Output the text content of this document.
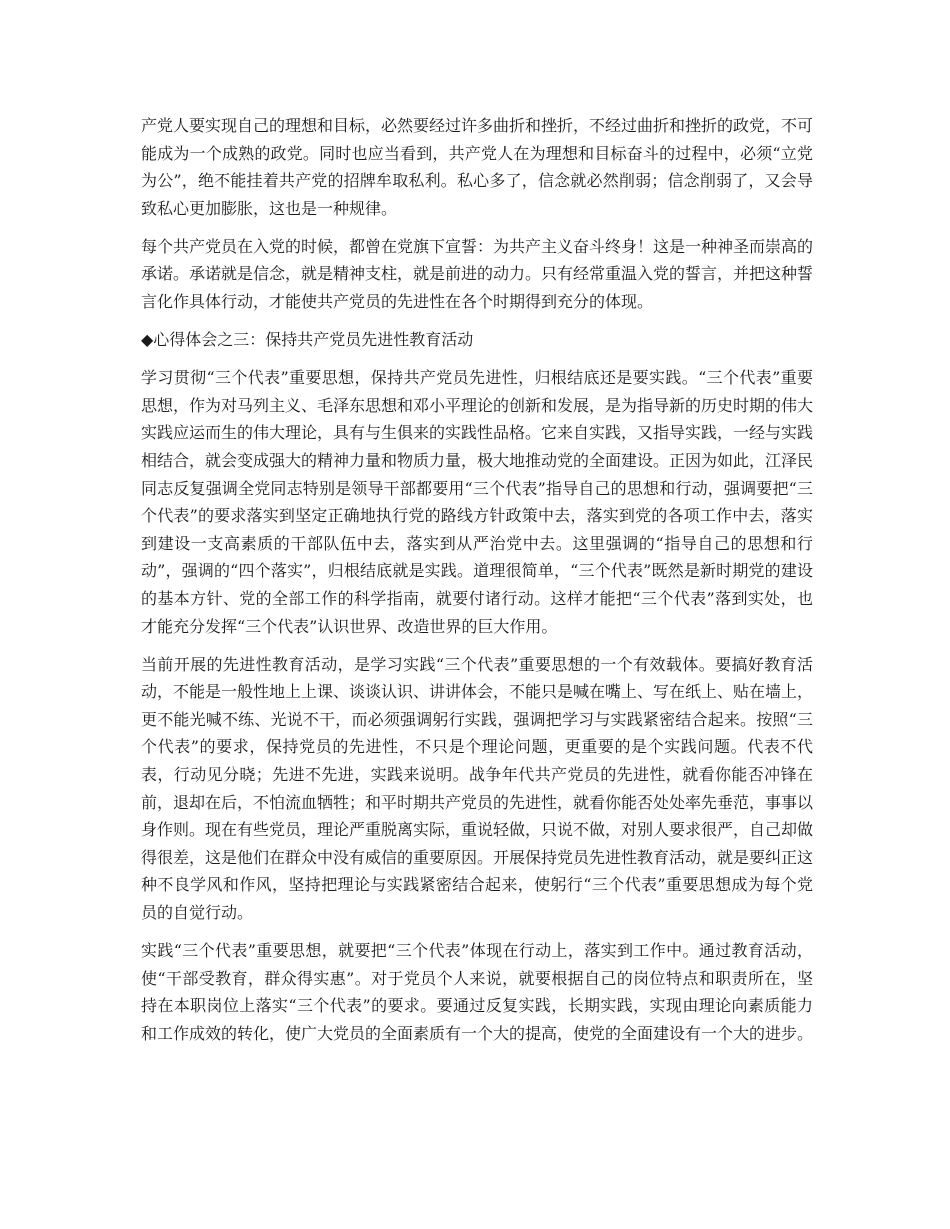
产党人要实现自己的理想和目标，必然要经过许多曲折和挫折，不经过曲折和挫折的政党，不可能成为一个成熟的政党。同时也应当看到，共产党人在为理想和目标奋斗的过程中，必须“立党为公”，绝不能挂着共产党的招牌牟取私利。私心多了，信念就必然削弱；信念削弱了，又会导致私心更加膨胀，这也是一种规律。

每个共产党员在入党的时候，都曾在党旗下宣誓：为共产主义奋斗终身！这是一种神圣而崇高的承诺。承诺就是信念，就是精神支柱，就是前进的动力。只有经常重温入党的誓言，并把这种誓言化作具体行动，才能使共产党员的先进性在各个时期得到充分的体现。

◆心得体会之三：保持共产党员先进性教育活动

学习贯彻“三个代表”重要思想，保持共产党员先进性，归根结底还是要实践。“三个代表”重要思想，作为对马列主义、毛泽东思想和邓小平理论的创新和发展，是为指导新的历史时期的伟大实践应运而生的伟大理论，具有与生俱来的实践性品格。它来自实践，又指导实践，一经与实践相结合，就会变成强大的精神力量和物质力量，极大地推动党的全面建设。正因为如此，江泽民同志反复强调全党同志特别是领导干部都要用“三个代表”指导自己的思想和行动，强调要把“三个代表”的要求落实到坚定正确地执行党的路线方针政策中去，落实到党的各项工作中去，落实到建设一支高素质的干部队伍中去，落实到从严治党中去。这里强调的“指导自己的思想和行动”，强调的“四个落实”，归根结底就是实践。道理很简单，“三个代表”既然是新时期党的建设的基本方针、党的全部工作的科学指南，就要付诸行动。这样才能把“三个代表”落到实处，也才能充分发挥“三个代表”认识世界、改造世界的巨大作用。

当前开展的先进性教育活动，是学习实践“三个代表”重要思想的一个有效载体。要搞好教育活动，不能是一般性地上上课、谈谈认识、讲讲体会，不能只是喊在嘴上、写在纸上、贴在墙上，更不能光喊不练、光说不干，而必须强调躬行实践，强调把学习与实践紧密结合起来。按照“三个代表”的要求，保持党员的先进性，不只是个理论问题，更重要的是个实践问题。代表不代表，行动见分晓；先进不先进，实践来说明。战争年代共产党员的先进性，就看你能否冲锋在前，退却在后，不怕流血牺牲；和平时期共产党员的先进性，就看你能否处处率先垂范，事事以身作则。现在有些党员，理论严重脱离实际，重说轻做，只说不做，对别人要求很严，自己却做得很差，这是他们在群众中没有威信的重要原因。开展保持党员先进性教育活动，就是要纠正这种不良学风和作风，坚持把理论与实践紧密结合起来，使躬行“三个代表”重要思想成为每个党员的自觉行动。

实践“三个代表”重要思想，就要把“三个代表”体现在行动上，落实到工作中。通过教育活动，使“干部受教育，群众得实惠”。对于党员个人来说，就要根据自己的岗位特点和职责所在，坚持在本职岗位上落实“三个代表”的要求。要通过反复实践，长期实践，实现由理论向素质能力和工作成效的转化，使广大党员的全面素质有一个大的提高，使党的全面建设有一个大的进步。
